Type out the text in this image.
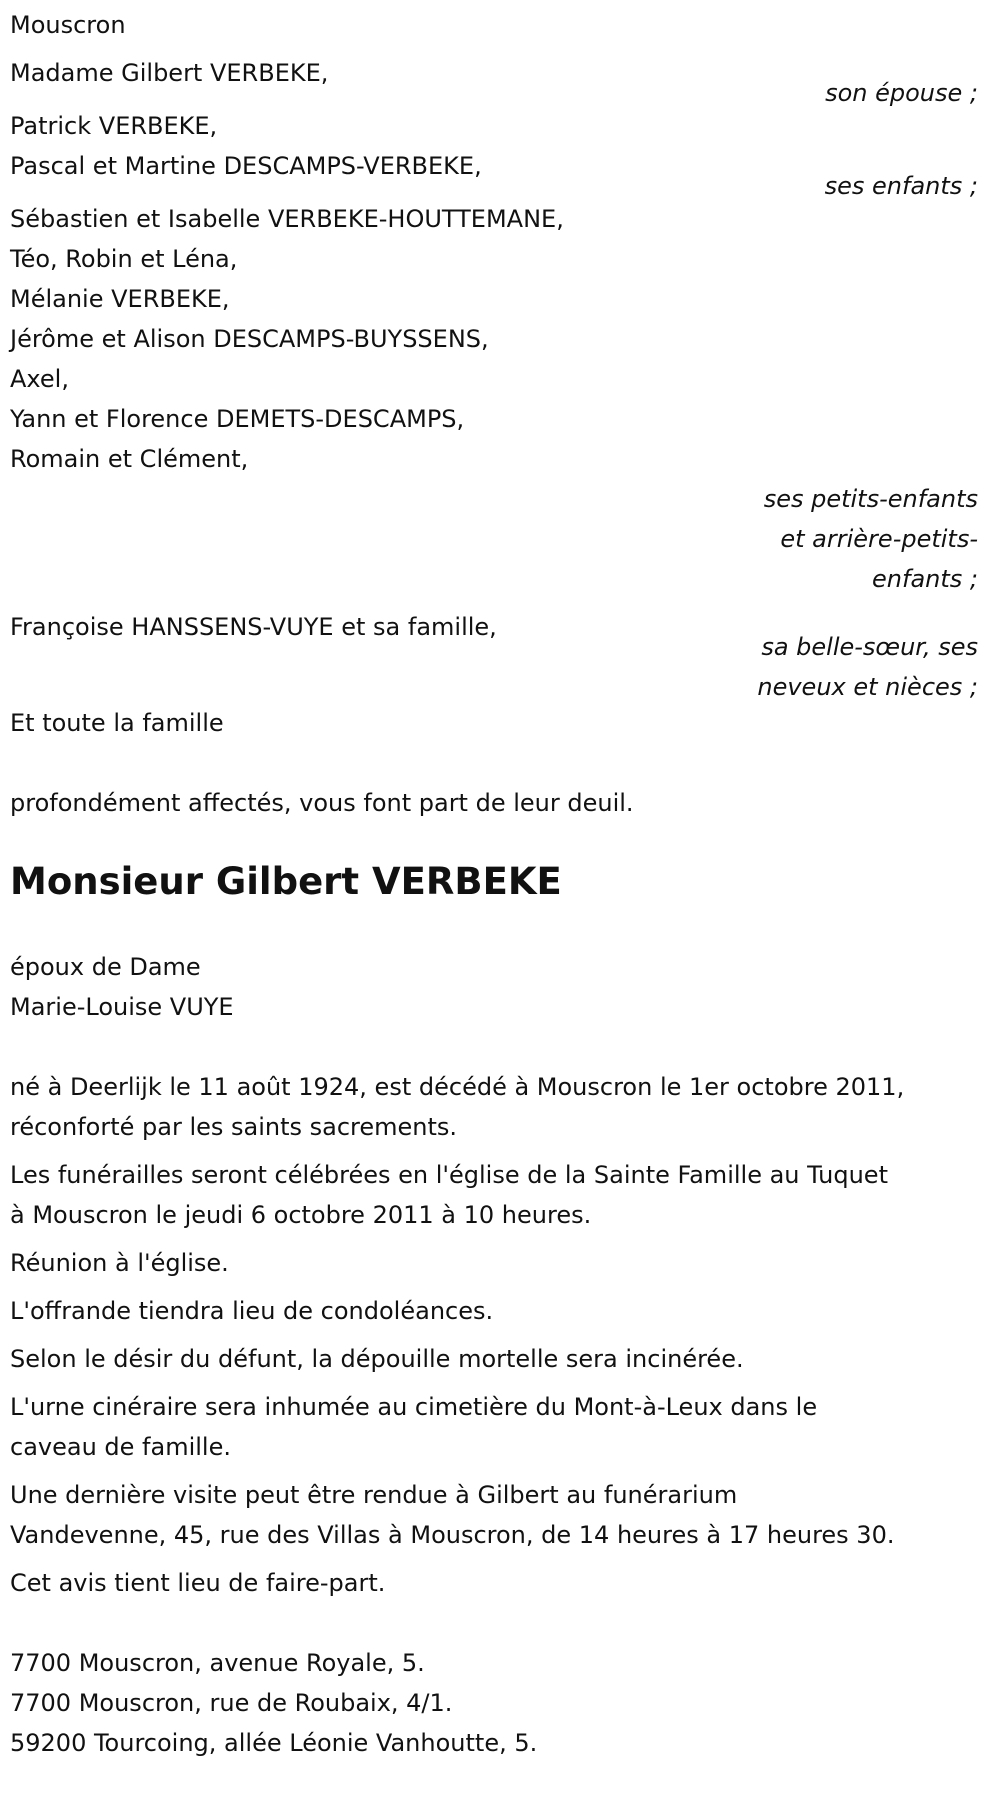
Mouscron
Madame Gilbert VERBEKE,
son épouse ;
Patrick VERBEKE,
Pascal et Martine DESCAMPS-VERBEKE,
ses enfants ;
Sébastien et Isabelle VERBEKE-HOUTTEMANE,
Téo, Robin et Léna,
Mélanie VERBEKE,
Jérôme et Alison DESCAMPS-BUYSSENS,
Axel,
Yann et Florence DEMETS-DESCAMPS,
Romain et Clément,
ses petits-enfants
et arrière-petits-
enfants ;
Françoise HANSSENS-VUYE et sa famille,
sa belle-sœur, ses
neveux et nièces ;
Et toute la famille
profondément affectés, vous font part de leur deuil.
Monsieur Gilbert VERBEKE
époux de Dame
Marie-Louise VUYE
né à Deerlijk le 11 août 1924, est décédé à Mouscron le 1er octobre 2011,
réconforté par les saints sacrements.
Les funérailles seront célébrées en l'église de la Sainte Famille au Tuquet
à Mouscron le jeudi 6 octobre 2011 à 10 heures.
Réunion à l'église.
L'offrande tiendra lieu de condoléances.
Selon le désir du défunt, la dépouille mortelle sera incinérée.
L'urne cinéraire sera inhumée au cimetière du Mont-à-Leux dans le
caveau de famille.
Une dernière visite peut être rendue à Gilbert au funérarium
Vandevenne, 45, rue des Villas à Mouscron, de 14 heures à 17 heures 30.
Cet avis tient lieu de faire-part.
7700 Mouscron, avenue Royale, 5.
7700 Mouscron, rue de Roubaix, 4/1.
59200 Tourcoing, allée Léonie Vanhoutte, 5.
